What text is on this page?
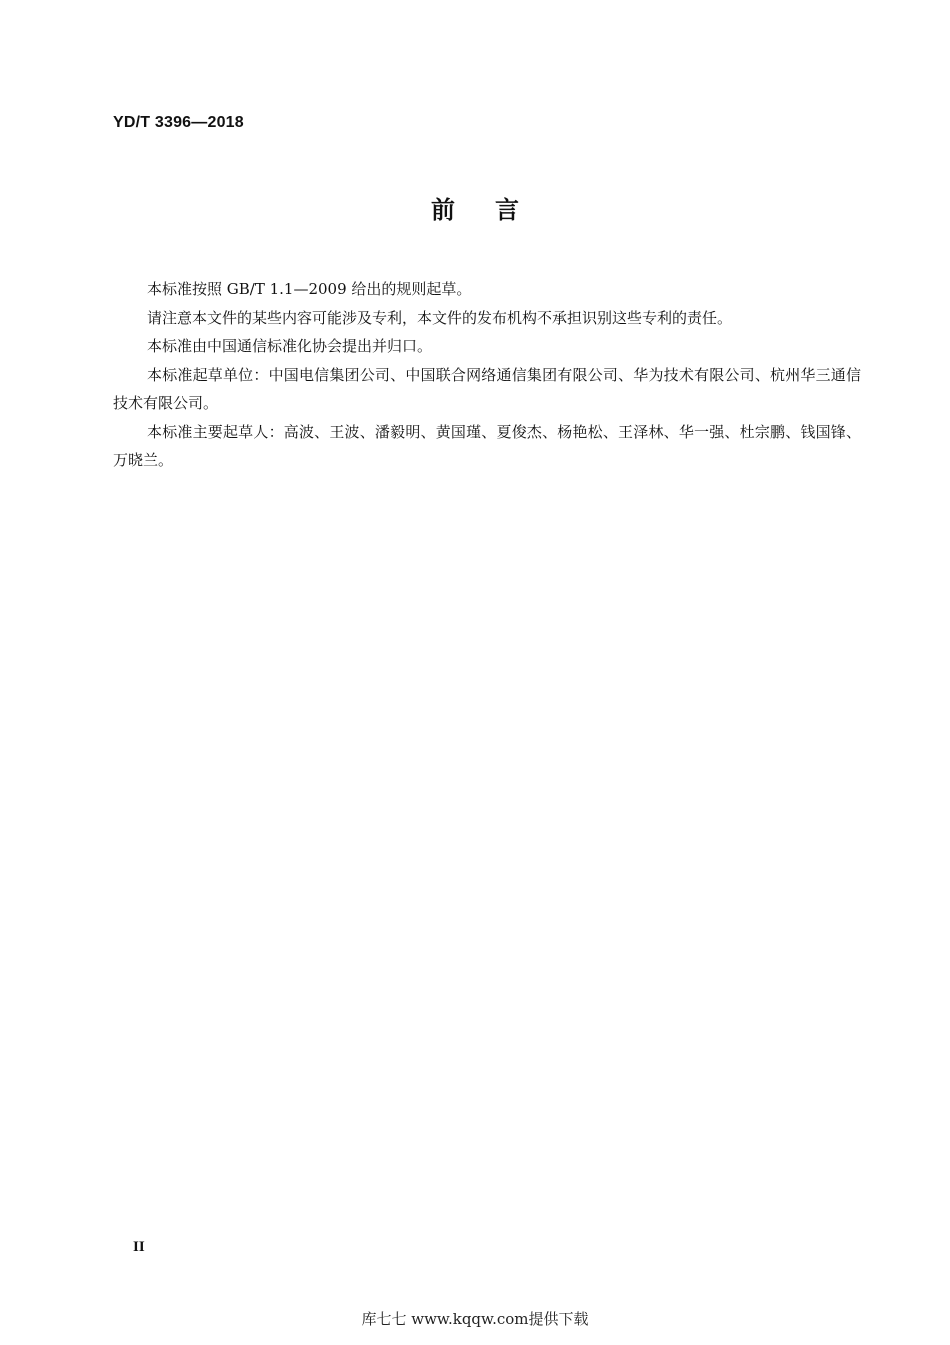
YD/T 3396—2018
前言

本标准按照 GB/T 1.1—2009 给出的规则起草。

请注意本文件的某些内容可能涉及专利，本文件的发布机构不承担识别这些专利的责任。

本标准由中国通信标准化协会提出并归口。

本标准起草单位：中国电信集团公司、中国联合网络通信集团有限公司、华为技术有限公司、杭州华三通信技术有限公司。

本标准主要起草人：高波、王波、潘毅明、黄国瑾、夏俊杰、杨艳松、王泽林、华一强、杜宗鹏、钱国锋、万晓兰。

II
库七七 www.kqqw.com提供下载
